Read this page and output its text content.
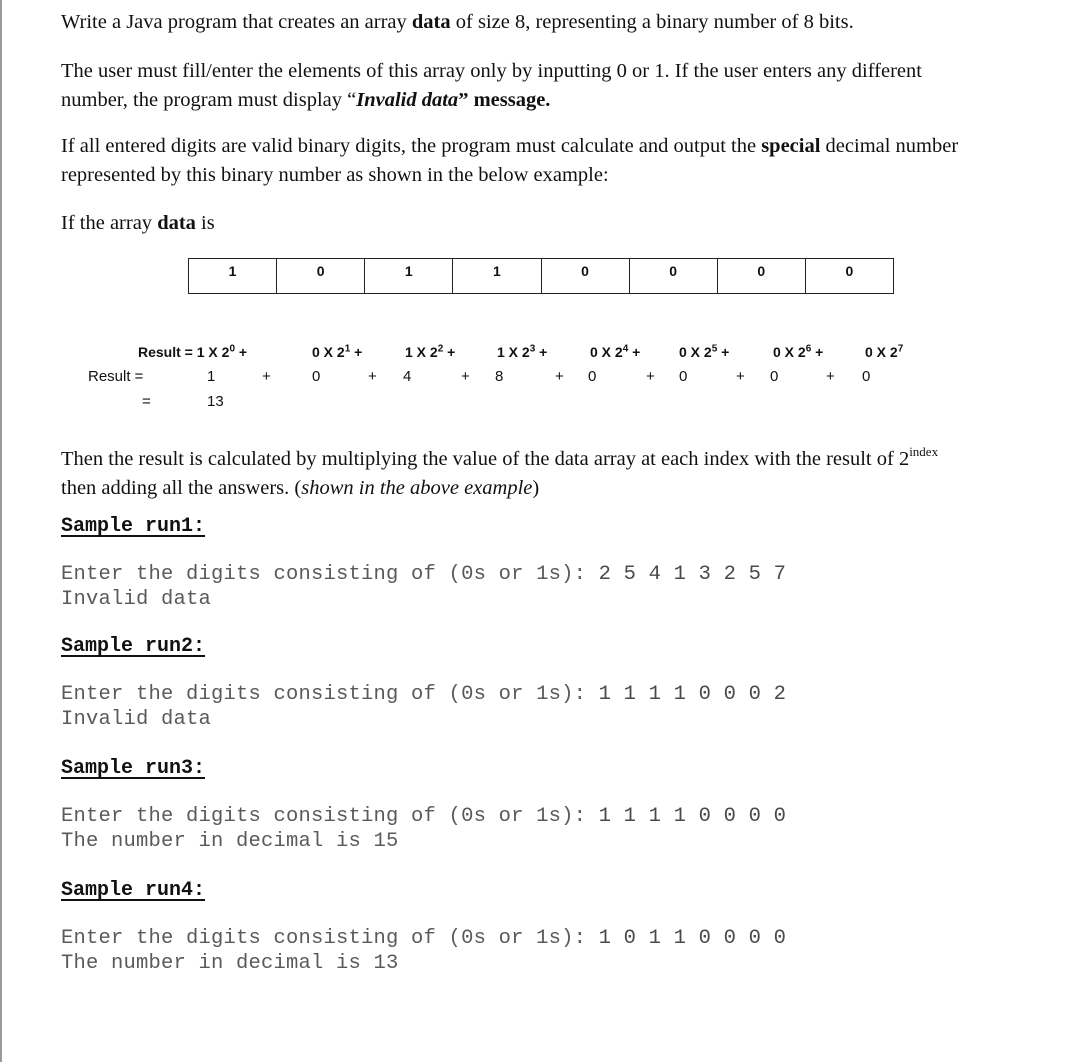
Write a Java program that creates an array data of size 8, representing a binary number of 8 bits.

The user must fill/enter the elements of this array only by inputting 0 or 1. If the user enters any different
number, the program must display “Invalid data” message.

If all entered digits are valid binary digits, the program must calculate and output the special decimal number
represented by this binary number as shown in the below example:

If the array data is

1	0	1	1	0	0	0	0
Result = 1 X $2^0$ +	0 X $2^1$ +	1 X $2^2$ +	1 X $2^3$ +	0 X $2^4$ +	0 X $2^5$ +	0 X $2^6$ +	0 X $2^7$
Result =	1	+	0	+ 4	+ 8	+ 0	+ 0	+ 0	+ 0
=	13

Then the result is calculated by multiplying the value of the data array at each index with the result of $2^{index}$
then adding all the answers. (shown in the above example)

Sample run1:
Enter the digits consisting of (0s or 1s): 2 5 4 1 3 2 5 7
Invalid data
Sample run2:
Enter the digits consisting of (0s or 1s): 1 1 1 1 0 0 0 2
Invalid data
Sample run3:
Enter the digits consisting of (0s or 1s): 1 1 1 1 0 0 0 0
The number in decimal is 15
Sample run4:
Enter the digits consisting of (0s or 1s): 1 0 1 1 0 0 0 0
The number in decimal is 13
